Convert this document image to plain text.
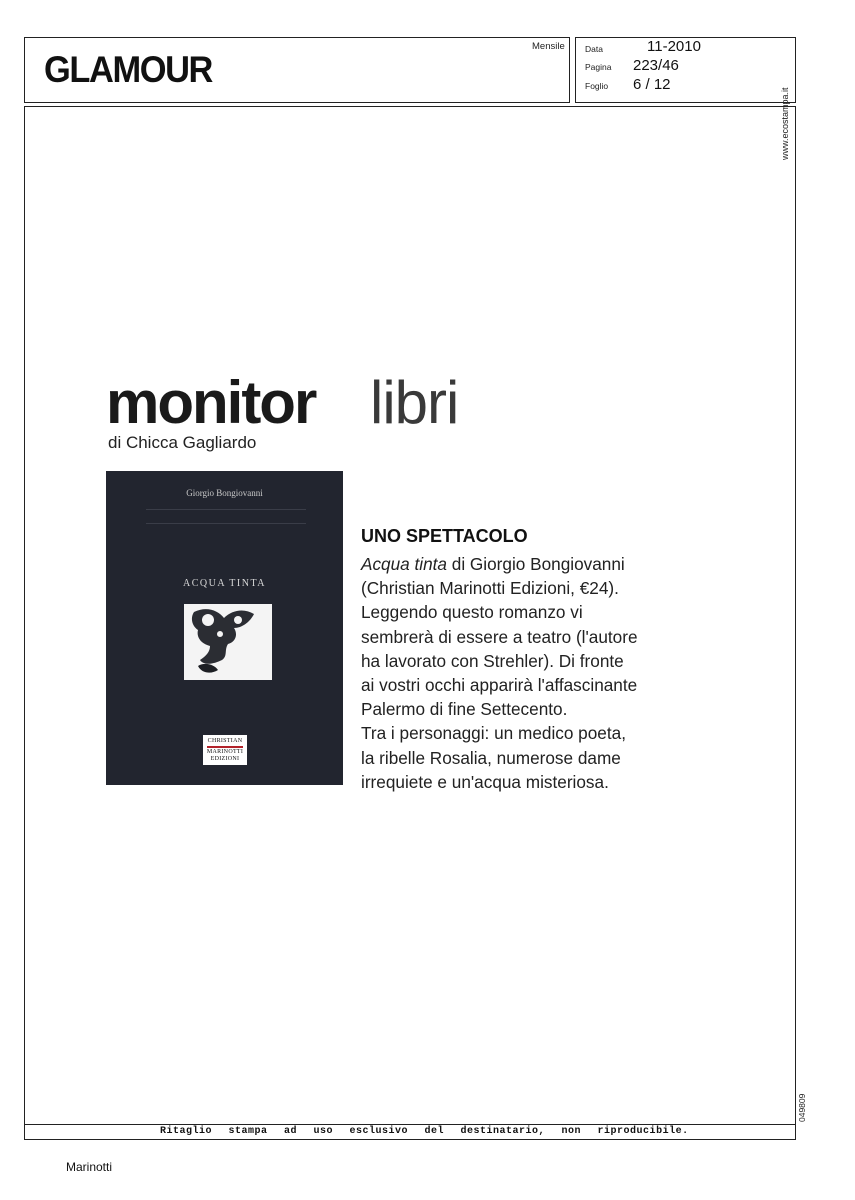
GLAMOUR
Mensile Data	11-2010
Pagina 223/46
Foglio 6 / 12
www.ecostampa.it
049809
monitor libri
di Chicca Gagliardo
Giorgio Bongiovanni
ACQUA TINTA
CHRISTIAN
MARINOTTI
EDIZIONI
UNO SPETTACOLO

Acqua tinta di Giorgio Bongiovanni

(Christian Marinotti Edizioni, €24).

Leggendo questo romanzo vi

sembrerà di essere a teatro (l'autore

ha lavorato con Strehler). Di fronte

ai vostri occhi apparirà l'affascinante

Palermo di fine Settecento.

Tra i personaggi: un medico poeta,

la ribelle Rosalia, numerose dame

irrequiete e un'acqua misteriosa.

Ritaglio stampa ad uso esclusivo del destinatario, non riproducibile.
Marinotti
